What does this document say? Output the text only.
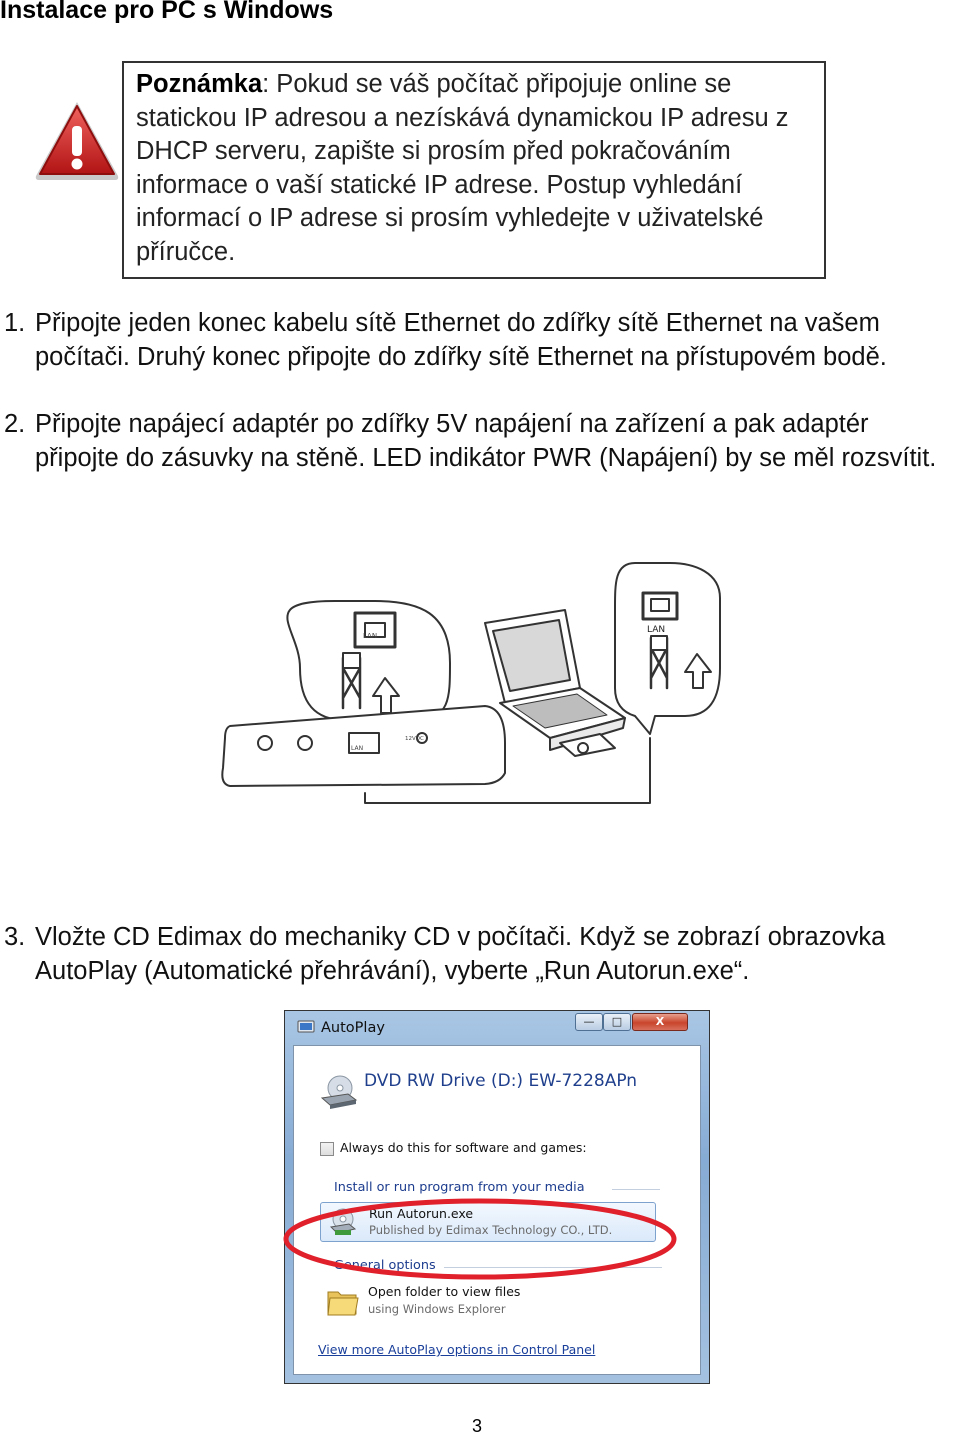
Instalace pro PC s Windows
Poznámka: Pokud se váš počítač připojuje online se statickou IP adresou a nezískává dynamickou IP adresu z DHCP serveru, zapište si prosím před pokračováním informace o vaší statické IP adrese. Postup vyhledání informací o IP adrese si prosím vyhledejte v uživatelské příručce.
1. Připojte jeden konec kabelu sítě Ethernet do zdířky sítě Ethernet na vašem počítači. Druhý konec připojte do zdířky sítě Ethernet na přístupovém bodě.
2. Připojte napájecí adaptér po zdířky 5V napájení na zařízení a pak adaptér připojte do zásuvky na stěně. LED indikátor PWR (Napájení) by se měl rozsvítit.
LAN
LAN
LAN
12VDC
3. Vložte CD Edimax do mechaniky CD v počítači. Když se zobrazí obrazovka AutoPlay (Automatické přehrávání), vyberte „Run Autorun.exe“.
AutoPlay	—	□	X
DVD RW Drive (D:) EW-7228APn
Always do this for software and games:
Install or run program from your media
Run Autorun.exe
Published by Edimax Technology CO., LTD.
General options
Open folder to view files
using Windows Explorer
View more AutoPlay options in Control Panel
3
